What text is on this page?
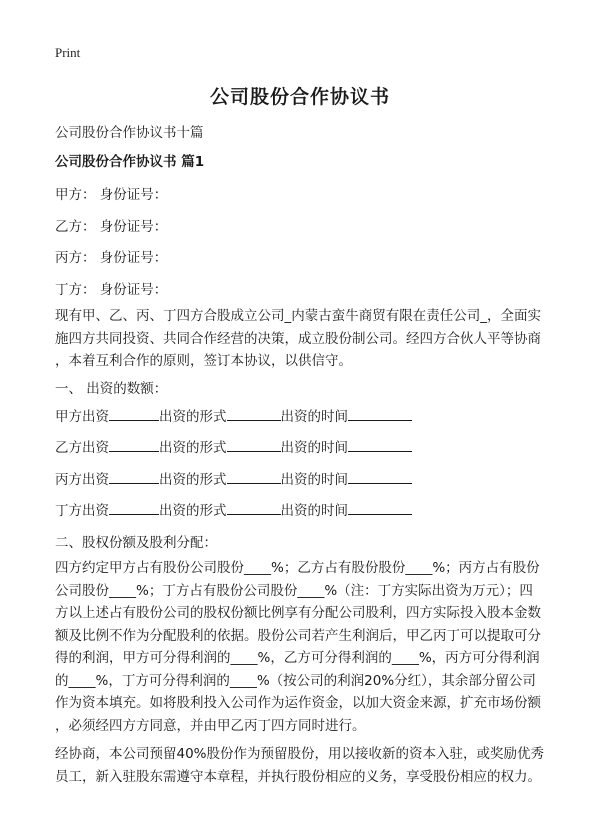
Print
公司股份合作协议书
公司股份合作协议书十篇
公司股份合作协议书 篇1
甲方： 身份证号：
乙方： 身份证号：
丙方： 身份证号：
丁方： 身份证号：
现有甲、乙、丙、丁四方合股成立公司_内蒙古蛮牛商贸有限在责任公司_，全面实
施四方共同投资、共同合作经营的决策，成立股份制公司。经四方合伙人平等协商
，本着互利合作的原则，签订本协议，以供信守。
一、 出资的数额：
甲方出资	出资的形式	出资的时间
乙方出资	出资的形式	出资的时间
丙方出资	出资的形式	出资的时间
丁方出资	出资的形式	出资的时间
二、股权份额及股利分配：
四方约定甲方占有股份公司股份____%；乙方占有股份股份____%；丙方占有股份
公司股份____%；丁方占有股份公司股份____%（注：丁方实际出资为万元）；四
方以上述占有股份公司的股权份额比例享有分配公司股利，四方实际投入股本金数
额及比例不作为分配股利的依据。股份公司若产生利润后，甲乙丙丁可以提取可分
得的利润，甲方可分得利润的____%，乙方可分得利润的____%，丙方可分得利润
的____%，丁方可分得利润的____%（按公司的利润20%分红），其余部分留公司
作为资本填充。如将股利投入公司作为运作资金，以加大资金来源，扩充市场份额
，必须经四方方同意，并由甲乙丙丁四方同时进行。
经协商，本公司预留40%股份作为预留股份，用以接收新的资本入驻，或奖励优秀
员工，新入驻股东需遵守本章程，并执行股份相应的义务，享受股份相应的权力。
